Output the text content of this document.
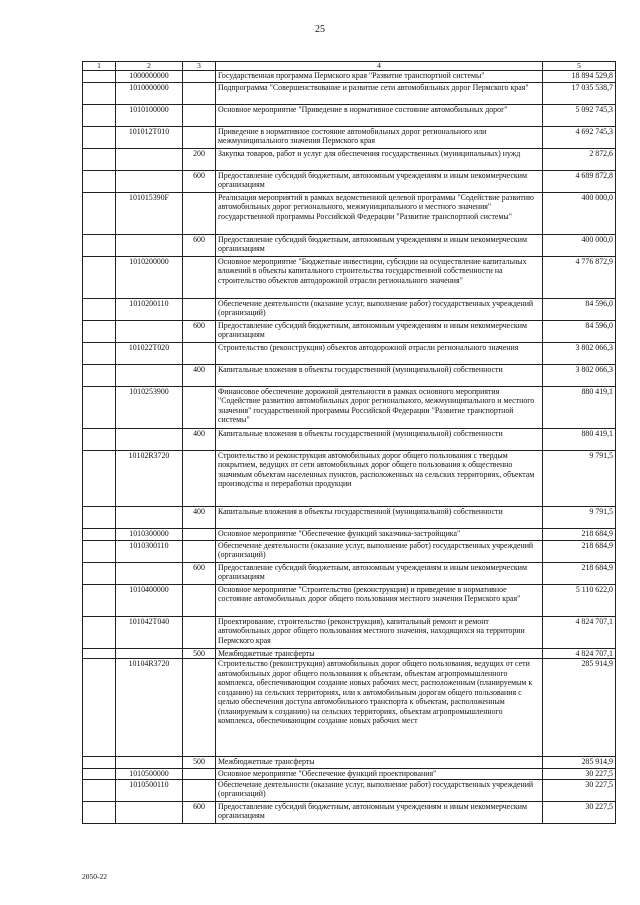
25
1	2	3	4	5
	1000000000		Государственная программа Пермского края "Развитие транспортной системы"	18 894 529,8
	1010000000		Подпрограмма "Совершенствование и развитие сети автомобильных дорог Пермского края"	17 035 538,7
	1010100000		Основное мероприятие "Приведение в нормативное состояние автомобильных дорог"	5 092 745,3
	101012Т010		Приведение в нормативное состояние автомобильных дорог регионального или межмуниципального значения Пермского края	4 692 745,3
		200	Закупка товаров, работ и услуг для обеспечения государственных (муниципальных) нужд	2 872,6
		600	Предоставление субсидий бюджетным, автономным учреждениям и иным некоммерческим организациям	4 689 872,8
	101015390F		Реализация мероприятий в рамках ведомственной целевой программы "Содействие развитию автомобильных дорог регионального, межмуниципального и местного значения" государственной программы Российской Федерации "Развитие транспортной системы"	400 000,0
		600	Предоставление субсидий бюджетным, автономным учреждениям и иным некоммерческим организациям	400 000,0
	1010200000		Основное мероприятие "Бюджетные инвестиции, субсидии на осуществление капитальных вложений в объекты капитального строительства государственной собственности на строительство объектов автодорожной отрасли регионального значения"	4 776 872,9
	1010200110		Обеспечение деятельности (оказание услуг, выполнение работ) государственных учреждений (организаций)	84 596,0
		600	Предоставление субсидий бюджетным, автономным учреждениям и иным некоммерческим организациям	84 596,0
	101022Т020		Строительство (реконструкция) объектов автодорожной отрасли регионального значения	3 802 066,3
		400	Капитальные вложения в объекты государственной (муниципальной) собственности	3 802 066,3
	1010253900		Финансовое обеспечение дорожной деятельности в рамках основного мероприятия "Содействие развитию автомобильных дорог регионального, межмуниципального и местного значения" государственной программы Российской Федерации "Развитие транспортной системы"	880 419,1
		400	Капитальные вложения в объекты государственной (муниципальной) собственности	880 419,1
	10102R3720		Строительство и реконструкция автомобильных дорог общего пользования с твердым покрытием, ведущих от сети автомобильных дорог общего пользования к общественно значимым объектам населенных пунктов, расположенных на сельских территориях, объектам производства и переработки продукции	9 791,5
		400	Капитальные вложения в объекты государственной (муниципальной) собственности	9 791,5
	1010300000		Основное мероприятие "Обеспечение функций заказчика-застройщика"	218 684,9
	1010300110		Обеспечение деятельности (оказание услуг, выполнение работ) государственных учреждений (организаций)	218 684,9
		600	Предоставление субсидий бюджетным, автономным учреждениям и иным некоммерческим организациям	218 684,9
	1010400000		Основное мероприятие "Строительство (реконструкция) и приведение в нормативное состояние автомобильных дорог общего пользования местного значения Пермского края"	5 110 622,0
	101042Т040		Проектирование, строительство (реконструкция), капитальный ремонт и ремонт автомобильных дорог общего пользования местного значения, находящихся на территории Пермского края	4 824 707,1
		500	Межбюджетные трансферты	4 824 707,1
	10104R3720		Строительство (реконструкция) автомобильных дорог общего пользования, ведущих от сети автомобильных дорог общего пользования к объектам, объектам агропромышленного комплекса, обеспечивающим создание новых рабочих мест, расположенным (планируемым к созданию) на сельских территориях, или к автомобильным дорогам общего пользования с целью обеспечения доступа автомобильного транспорта к объектам, расположенным (планируемым к созданию) на сельских территориях, объектам агропромышленного комплекса, обеспечивающим создание новых рабочих мест	285 914,9
		500	Межбюджетные трансферты	285 914,9
	1010500000		Основное мероприятие "Обеспечение функций проектирования"	30 227,5
	1010500110		Обеспечение деятельности (оказание услуг, выполнение работ) государственных учреждений (организаций)	30 227,5
		600	Предоставление субсидий бюджетным, автономным учреждениям и иным некоммерческим организациям	30 227,5
2050-22
